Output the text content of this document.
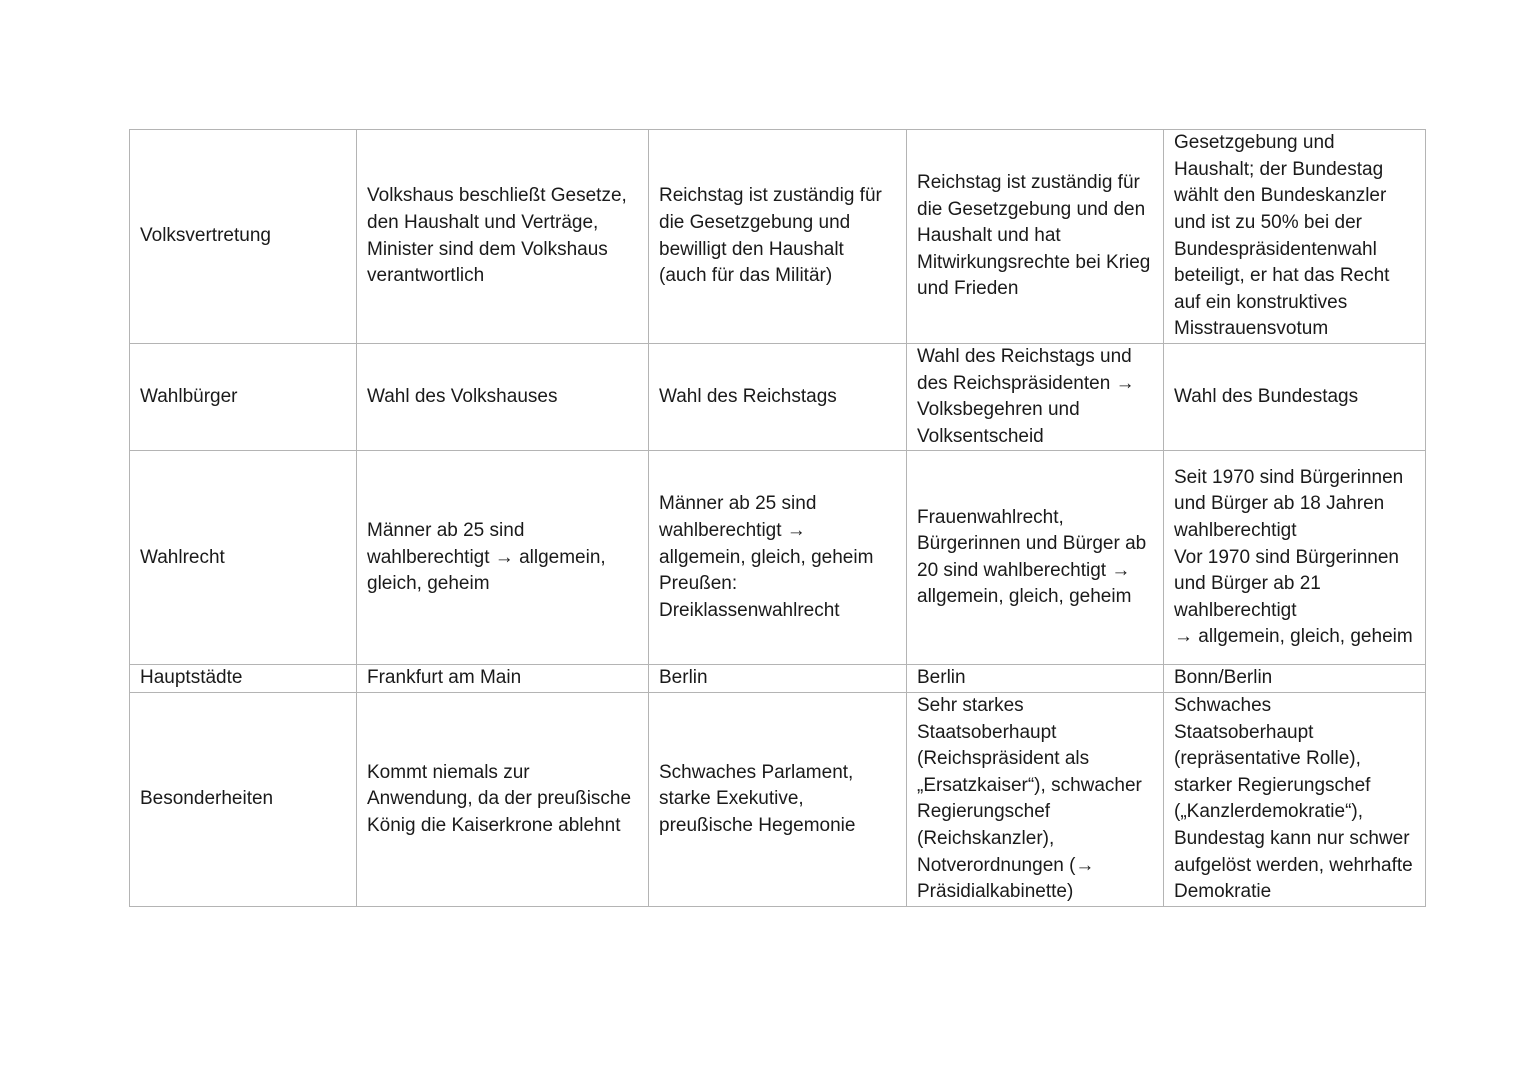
Volksvertretung	Volkshaus beschließt Gesetze, den Haushalt und Verträge, Minister sind dem Volkshaus verantwortlich	Reichstag ist zuständig für die Gesetzgebung und bewilligt den Haushalt (auch für das Militär)	Reichstag ist zuständig für die Gesetzgebung und den Haushalt und hat Mitwirkungsrechte bei Krieg und Frieden	Gesetzgebung und Haushalt; der Bundestag wählt den Bundeskanzler und ist zu 50% bei der Bundespräsidentenwahl beteiligt, er hat das Recht auf ein konstruktives Misstrauensvotum
Wahlbürger	Wahl des Volkshauses	Wahl des Reichstags	Wahl des Reichstags und des Reichspräsidenten → Volksbegehren und Volksentscheid	Wahl des Bundestags
Wahlrecht	Männer ab 25 sind wahlberechtigt → allgemein, gleich, geheim	Männer ab 25 sind wahlberechtigt →
allgemein, gleich, geheim
Preußen:
Dreiklassenwahlrecht	Frauenwahlrecht, Bürgerinnen und Bürger ab 20 sind wahlberechtigt → allgemein, gleich, geheim	Seit 1970 sind Bürgerinnen und Bürger ab 18 Jahren wahlberechtigt
Vor 1970 sind Bürgerinnen und Bürger ab 21 wahlberechtigt
→ allgemein, gleich, geheim
Hauptstädte	Frankfurt am Main	Berlin	Berlin	Bonn/Berlin
Besonderheiten	Kommt niemals zur Anwendung, da der preußische König die Kaiserkrone ablehnt	Schwaches Parlament, starke Exekutive, preußische Hegemonie	Sehr starkes Staatsoberhaupt (Reichspräsident als „Ersatzkaiser“), schwacher Regierungschef (Reichskanzler), Notverordnungen (→ Präsidialkabinette)	Schwaches Staatsoberhaupt (repräsentative Rolle), starker Regierungschef („Kanzlerdemokratie“), Bundestag kann nur schwer aufgelöst werden, wehrhafte Demokratie
